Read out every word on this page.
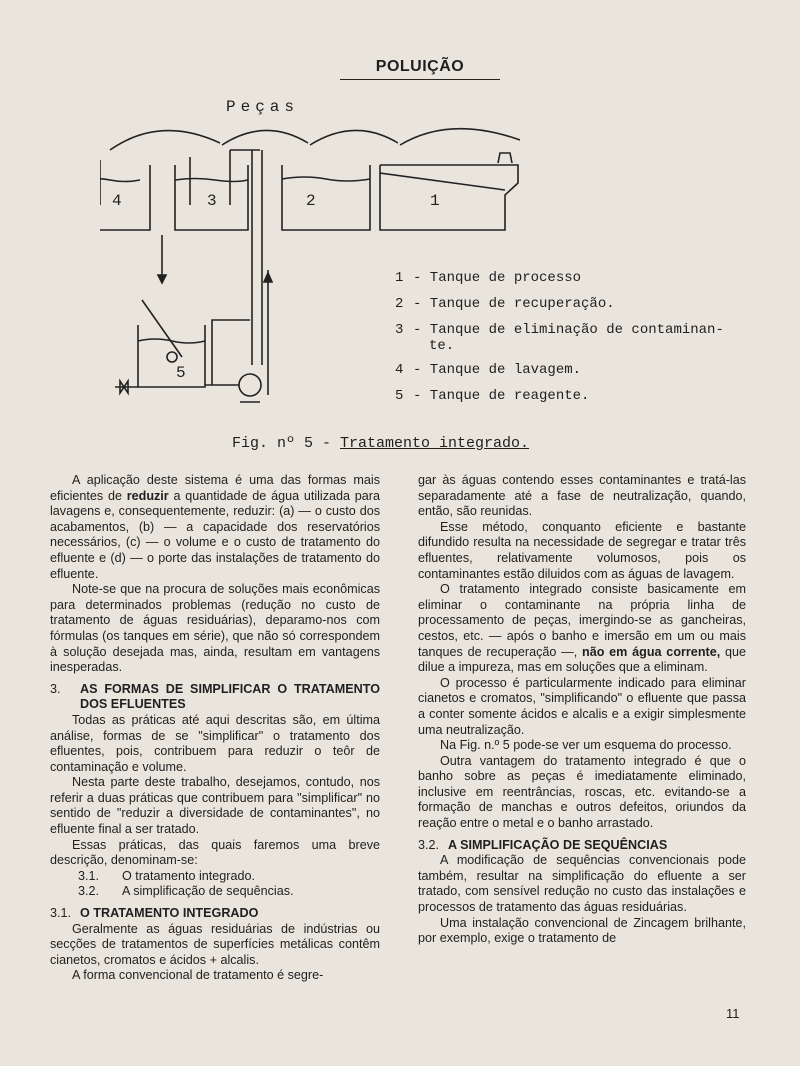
POLUIÇÃO
Peças
4	3	2	1
5
1 - Tanque de processo
2 - Tanque de recuperação.
3 - Tanque de eliminação de contaminan-
te.
4 - Tanque de lavagem.
5 - Tanque de reagente.
Fig. nº 5 - Tratamento integrado.

A aplicação deste sistema é uma das formas mais eficientes de reduzir a quantidade de água utilizada para lavagens e, consequentemente, reduzir: (a) — o custo dos acabamentos, (b) — a capacidade dos reservatórios necessários, (c) — o volume e o custo de tratamento do efluente e (d) — o porte das instalações de tratamento do efluente.

Note-se que na procura de soluções mais econômicas para determinados problemas (redução no custo de tratamento de águas residuárias), deparamo-nos com fórmulas (os tanques em série), que não só correspondem à solução desejada mas, ainda, resultam em vantagens inesperadas.

3.	AS FORMAS DE SIMPLIFICAR O TRATAMENTO DOS EFLUENTES

Todas as práticas até aqui descritas são, em última análise, formas de se "simplificar" o tratamento dos efluentes, pois, contribuem para reduzir o teôr de contaminação e volume.

Nesta parte deste trabalho, desejamos, contudo, nos referir a duas práticas que contribuem para "simplificar" no sentido de "reduzir a diversidade de contaminantes", no efluente final a ser tratado.

Essas práticas, das quais faremos uma breve descrição, denominam-se:

3.1.	O tratamento integrado.
3.2.	A simplificação de sequências.
3.1. O TRATAMENTO INTEGRADO

Geralmente as águas residuárias de indústrias ou secções de tratamentos de superfícies metálicas contêm cianetos, cromatos e ácidos + alcalis.

A forma convencional de tratamento é segre-

gar às águas contendo esses contaminantes e tratá-las separadamente até a fase de neutralização, quando, então, são reunidas.

Esse método, conquanto eficiente e bastante difundido resulta na necessidade de segregar e tratar três efluentes, relativamente volumosos, pois os contaminantes estão diluidos com as águas de lavagem.

O tratamento integrado consiste basicamente em eliminar o contaminante na própria linha de processamento de peças, imergindo-se as gancheiras, cestos, etc. — após o banho e imersão em um ou mais tanques de recuperação —, não em água corrente, que dilue a impureza, mas em soluções que a eliminam.

O processo é particularmente indicado para eliminar cianetos e cromatos, "simplificando" o efluente que passa a conter somente ácidos e alcalis e a exigir simplesmente uma neutralização.

Na Fig. n.º 5 pode-se ver um esquema do processo.

Outra vantagem do tratamento integrado é que o banho sobre as peças é imediatamente eliminado, inclusive em reentrâncias, roscas, etc. evitando-se a formação de manchas e outros defeitos, oriundos da reação entre o metal e o banho arrastado.

3.2. A SIMPLIFICAÇÃO DE SEQUÊNCIAS

A modificação de sequências convencionais pode também, resultar na simplificação do efluente a ser tratado, com sensível redução no custo das instalações e processos de tratamento das águas residuárias.

Uma instalação convencional de Zincagem brilhante, por exemplo, exige o tratamento de

11
